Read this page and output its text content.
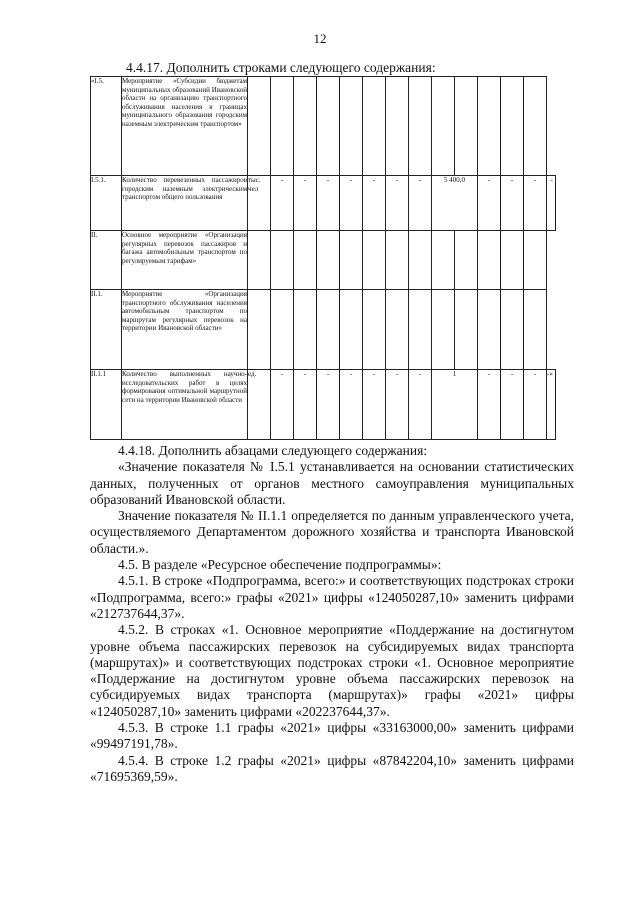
12
4.4.17. Дополнить строками следующего содержания:
«I.5.	Мероприятие «Субсидии бюджетам муниципальных образований Ивановской области на организацию транспортного обслуживания населения в границах муниципального образования городским наземным электрическим транспортом»														
I.5.1.	Количество перевезенных пассажиров городским наземным электрическим транспортом общего пользования	тыс. чел	-	-	-	-	-	-	-	5 400,0		-	-	-	-
II.	Основное мероприятие «Организация регулярных перевозок пассажиров и багажа автомобильным транспортом по регулируемым тарифам»														
II.1.	Мероприятие «Организация транспортного обслуживания населения автомобильным транспортом по маршрутам регулярных перевозок на территории Ивановской области»														
II.1.1	Количество выполненных научно-исследовательских работ в целях формирования оптимальной маршрутной сети на территории Ивановской области	ед.	-	-	-	-	-	-	-	1		-	-	-	-»

4.4.18. Дополнить абзацами следующего содержания:

«Значение показателя № I.5.1 устанавливается на основании статистических данных, полученных от органов местного самоуправления муниципальных образований Ивановской области.

Значение показателя № II.1.1 определяется по данным управленческого учета, осуществляемого Департаментом дорожного хозяйства и транспорта Ивановской области.».

4.5. В разделе «Ресурсное обеспечение подпрограммы»:

4.5.1. В строке «Подпрограмма, всего:» и соответствующих подстроках строки «Подпрограмма, всего:» графы «2021» цифры «124050287,10» заменить цифрами «212737644,37».

4.5.2. В строках «1. Основное мероприятие «Поддержание на достигнутом уровне объема пассажирских перевозок на субсидируемых видах транспорта (маршрутах)» и соответствующих подстроках строки «1. Основное мероприятие «Поддержание на достигнутом уровне объема пассажирских перевозок на субсидируемых видах транспорта (маршрутах)» графы «2021» цифры «124050287,10» заменить цифрами «202237644,37».

4.5.3. В строке 1.1 графы «2021» цифры «33163000,00» заменить цифрами «99497191,78».

4.5.4. В строке 1.2 графы «2021» цифры «87842204,10» заменить цифрами «71695369,59».
